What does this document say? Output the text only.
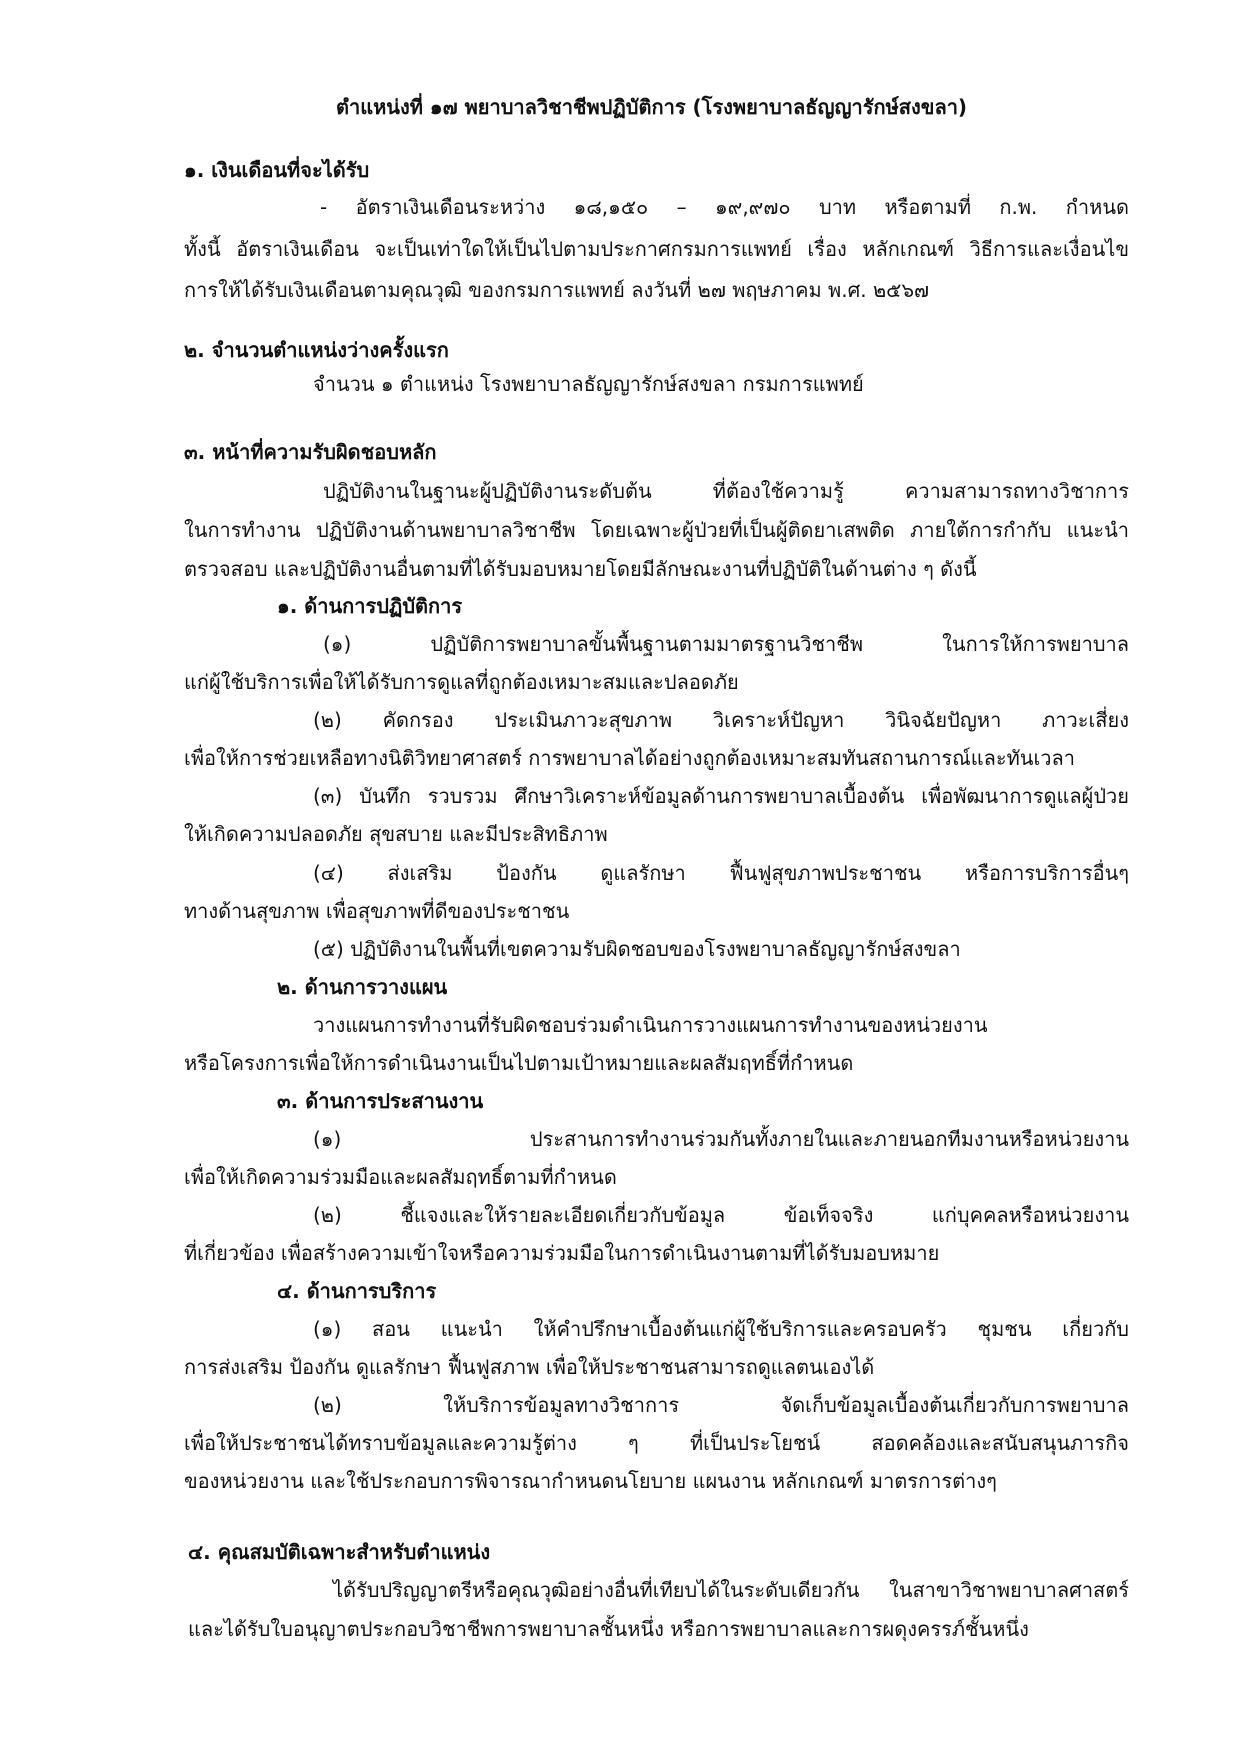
ตำแหน่งที่ ๑๗ พยาบาลวิชาชีพปฏิบัติการ (โรงพยาบาลธัญญารักษ์สงขลา)

๑. เงินเดือนที่จะได้รับ

- อัตราเงินเดือนระหว่าง ๑๘,๑๕๐ – ๑๙,๙๗๐ บาท หรือตามที่ ก.พ. กำหนด

ทั้งนี้ อัตราเงินเดือน จะเป็นเท่าใดให้เป็นไปตามประกาศกรมการแพทย์ เรื่อง หลักเกณฑ์ วิธีการและเงื่อนไข

การให้ได้รับเงินเดือนตามคุณวุฒิ ของกรมการแพทย์ ลงวันที่ ๒๗ พฤษภาคม พ.ศ. ๒๕๖๗

๒. จำนวนตำแหน่งว่างครั้งแรก

จำนวน ๑ ตำแหน่ง โรงพยาบาลธัญญารักษ์สงขลา กรมการแพทย์

๓. หน้าที่ความรับผิดชอบหลัก

ปฏิบัติงานในฐานะผู้ปฏิบัติงานระดับต้น ที่ต้องใช้ความรู้ ความสามารถทางวิชาการ

ในการทำงาน ปฏิบัติงานด้านพยาบาลวิชาชีพ โดยเฉพาะผู้ป่วยที่เป็นผู้ติดยาเสพติด ภายใต้การกำกับ แนะนำ

ตรวจสอบ และปฏิบัติงานอื่นตามที่ได้รับมอบหมายโดยมีลักษณะงานที่ปฏิบัติในด้านต่าง ๆ ดังนี้

๑. ด้านการปฏิบัติการ

(๑) ปฏิบัติการพยาบาลขั้นพื้นฐานตามมาตรฐานวิชาชีพ ในการให้การพยาบาล

แก่ผู้ใช้บริการเพื่อให้ได้รับการดูแลที่ถูกต้องเหมาะสมและปลอดภัย

(๒) คัดกรอง ประเมินภาวะสุขภาพ วิเคราะห์ปัญหา วินิจฉัยปัญหา ภาวะเสี่ยง

เพื่อให้การช่วยเหลือทางนิติวิทยาศาสตร์ การพยาบาลได้อย่างถูกต้องเหมาะสมทันสถานการณ์และทันเวลา

(๓) บันทึก รวบรวม ศึกษาวิเคราะห์ข้อมูลด้านการพยาบาลเบื้องต้น เพื่อพัฒนาการดูแลผู้ป่วย

ให้เกิดความปลอดภัย สุขสบาย และมีประสิทธิภาพ

(๔) ส่งเสริม ป้องกัน ดูแลรักษา ฟื้นฟูสุขภาพประชาชน หรือการบริการอื่นๆ

ทางด้านสุขภาพ เพื่อสุขภาพที่ดีของประชาชน

(๕) ปฏิบัติงานในพื้นที่เขตความรับผิดชอบของโรงพยาบาลธัญญารักษ์สงขลา

๒. ด้านการวางแผน

วางแผนการทำงานที่รับผิดชอบร่วมดำเนินการวางแผนการทำงานของหน่วยงาน

หรือโครงการเพื่อให้การดำเนินงานเป็นไปตามเป้าหมายและผลสัมฤทธิ์ที่กำหนด

๓. ด้านการประสานงาน

(๑) ประสานการทำงานร่วมกันทั้งภายในและภายนอกทีมงานหรือหน่วยงาน

เพื่อให้เกิดความร่วมมือและผลสัมฤทธิ์ตามที่กำหนด

(๒) ชี้แจงและให้รายละเอียดเกี่ยวกับข้อมูล ข้อเท็จจริง แก่บุคคลหรือหน่วยงาน

ที่เกี่ยวข้อง เพื่อสร้างความเข้าใจหรือความร่วมมือในการดำเนินงานตามที่ได้รับมอบหมาย

๔. ด้านการบริการ

(๑) สอน แนะนำ ให้คำปรึกษาเบื้องต้นแก่ผู้ใช้บริการและครอบครัว ชุมชน เกี่ยวกับ

การส่งเสริม ป้องกัน ดูแลรักษา ฟื้นฟูสภาพ เพื่อให้ประชาชนสามารถดูแลตนเองได้

(๒) ให้บริการข้อมูลทางวิชาการ จัดเก็บข้อมูลเบื้องต้นเกี่ยวกับการพยาบาล

เพื่อให้ประชาชนได้ทราบข้อมูลและความรู้ต่าง ๆ ที่เป็นประโยชน์ สอดคล้องและสนับสนุนภารกิจ

ของหน่วยงาน และใช้ประกอบการพิจารณากำหนดนโยบาย แผนงาน หลักเกณฑ์ มาตรการต่างๆ

๔. คุณสมบัติเฉพาะสำหรับตำแหน่ง

ได้รับปริญญาตรีหรือคุณวุฒิอย่างอื่นที่เทียบได้ในระดับเดียวกัน ในสาขาวิชาพยาบาลศาสตร์

และได้รับใบอนุญาตประกอบวิชาชีพการพยาบาลชั้นหนึ่ง หรือการพยาบาลและการผดุงครรภ์ชั้นหนึ่ง
